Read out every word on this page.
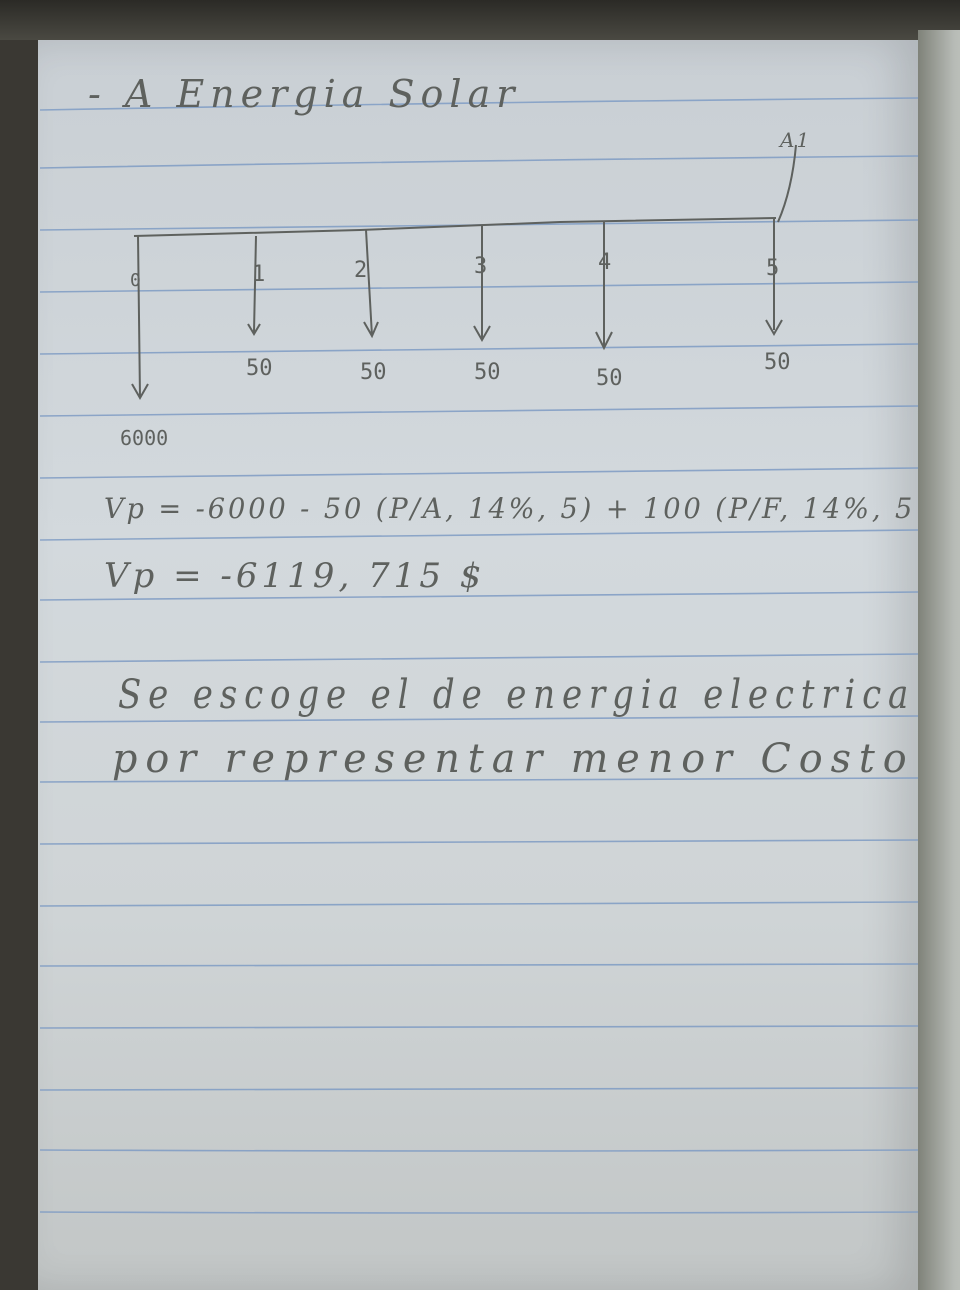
- A Energia Solar
A1
0	1	2	3	4	5
50	50	50	50
50
6000
Vp = -6000 - 50 (P/A, 14%, 5) + 100 (P/F, 14%, 5
Vp = -6119, 715 $
Se escoge el de energia electrica
por representar menor Costo
